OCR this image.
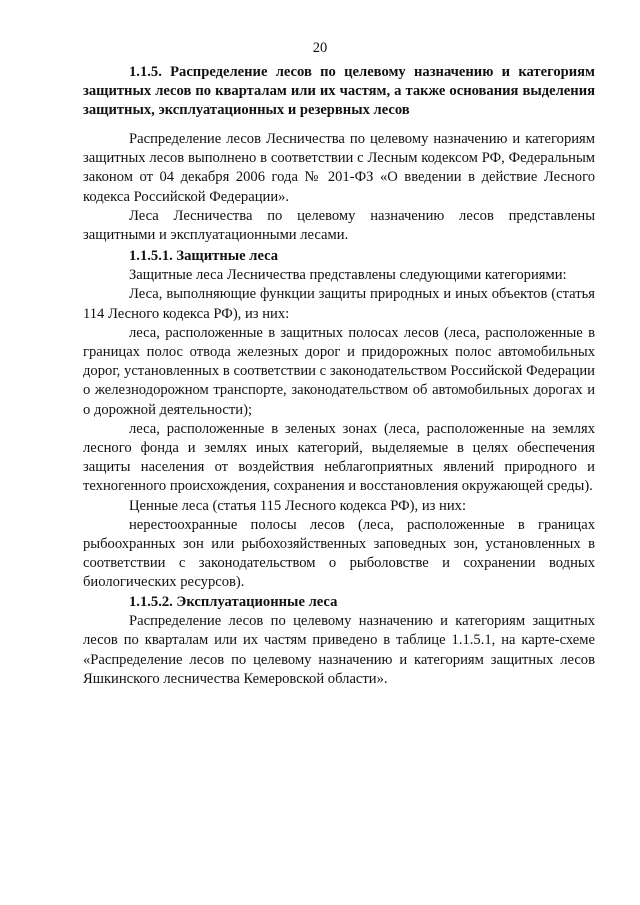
20

1.1.5. Распределение лесов по целевому назначению и категориям защитных лесов по кварталам или их частям, а также основания выделения защитных, эксплуатационных и резервных лесов

Распределение лесов Лесничества по целевому назначению и категориям защитных лесов выполнено в соответствии с Лесным кодексом РФ, Федеральным законом от 04 декабря 2006 года № 201-ФЗ «О введении в действие Лесного кодекса Российской Федерации».

Леса Лесничества по целевому назначению лесов представлены защитными и эксплуатационными лесами.

1.1.5.1. Защитные леса

Защитные леса Лесничества представлены следующими категориями:

Леса, выполняющие функции защиты природных и иных объектов (статья 114 Лесного кодекса РФ), из них:

леса, расположенные в защитных полосах лесов (леса, расположенные в границах полос отвода железных дорог и придорожных полос автомобильных дорог, установленных в соответствии с законодательством Российской Федерации о железнодорожном транспорте, законодательством об автомобильных дорогах и о дорожной деятельности);

леса, расположенные в зеленых зонах (леса, расположенные на землях лесного фонда и землях иных категорий, выделяемые в целях обеспечения защиты населения от воздействия неблагоприятных явлений природного и техногенного происхождения, сохранения и восстановления окружающей среды).

Ценные леса (статья 115 Лесного кодекса РФ), из них:

нерестоохранные полосы лесов (леса, расположенные в границах рыбоохранных зон или рыбохозяйственных заповедных зон, установленных в соответствии с законодательством о рыболовстве и сохранении водных биологических ресурсов).

1.1.5.2. Эксплуатационные леса

Распределение лесов по целевому назначению и категориям защитных лесов по кварталам или их частям приведено в таблице 1.1.5.1, на карте-схеме «Распределение лесов по целевому назначению и категориям защитных лесов Яшкинского лесничества Кемеровской области».
